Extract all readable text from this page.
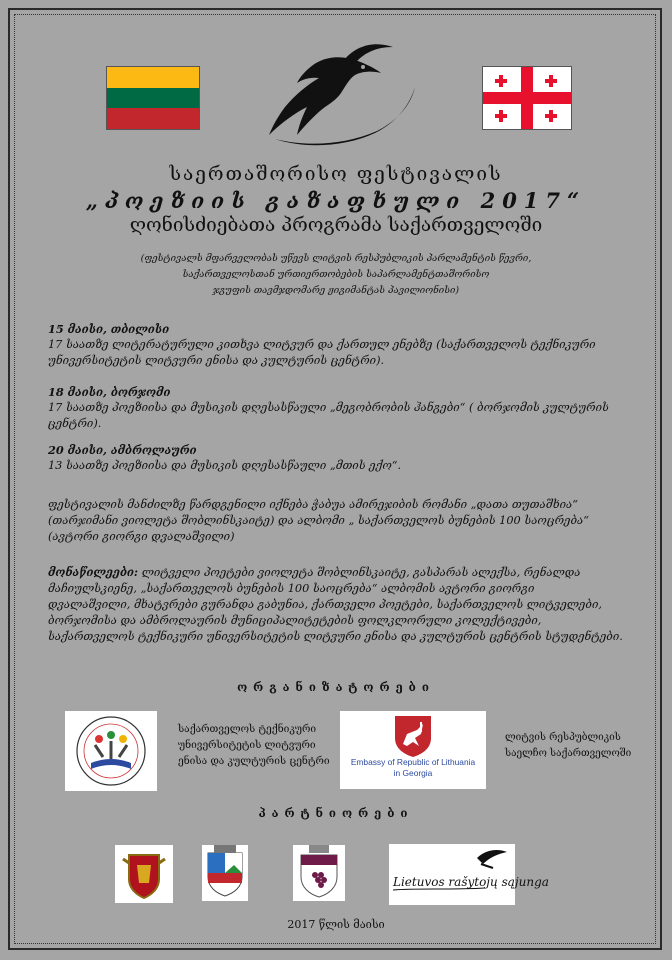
საერთაშორისო ფესტივალის
„პოეზიის გაზაფხული 2017“
ღონისძიებათა პროგრამა საქართველოში
(ფესტივალს მფარველობას უწევს ლიტვის რესპუბლიკის პარლამენტის წევრი,
საქართველოსთან ურთიერთობების საპარლამენტთაშორისო
ჯგუფის თავმჯდომარე ჟიგიმანტას პავილიონისი)
15 მაისი, თბილისი
17 საათზე ლიტერატურული კითხვა ლიტვურ და ქართულ ენებზე (საქართველოს ტექნიკური
უნივერსიტეტის ლიტვური ენისა და კულტურის ცენტრი).
18 მაისი, ბორჯომი
17 საათზე პოეზიისა და მუსიკის დღესასწაული „მეგობრობის ჰანგები“ ( ბორჯომის კულტურის
ცენტრი).
20 მაისი, ამბროლაური
13 საათზე პოეზიისა და მუსიკის დღესასწაული „მთის ექო“.
ფესტივალის მანძილზე წარდგენილი იქნება ჭაბუა ამირეჯიბის რომანი „დათა თუთაშხია“
(თარჯიმანი ვიოლეტა შობლინსკაიტე) და ალბომი „ საქართველოს ბუნების 100 საოცრება“
(ავტორი გიორგი დვალაშვილი)
მონაწილეები: ლიტველი პოეტები ვიოლეტა შობლინსკაიტე, გასპარას ალექსა, რენალდა
მაჩიულსკიენე, „საქართველოს ბუნების 100 საოცრება“ ალბომის ავტორი გიორგი
დვალაშვილი, მხატვრები გურანდა გაბუნია, ქართველი პოეტები, საქართველოს ლიტველები,
ბორჯომისა და ამბროლაურის მუნიციპალიტეტების ფოლკლორული კოლექტივები,
საქართველოს ტექნიკური უნივერსიტეტის ლიტვური ენისა და კულტურის ცენტრის სტუდენტები.
ორგანიზატორები
საქართველოს ტექნიკური
უნივერსიტეტის ლიტვური
ენისა და კულტურის ცენტრი	Embassy of Republic of Lithuania
in Georgia
ლიტვის რესპუბლიკის
საელჩო საქართველოში
პარტნიორები
Lietuvos rašytojų sąjunga
2017 წლის მაისი
